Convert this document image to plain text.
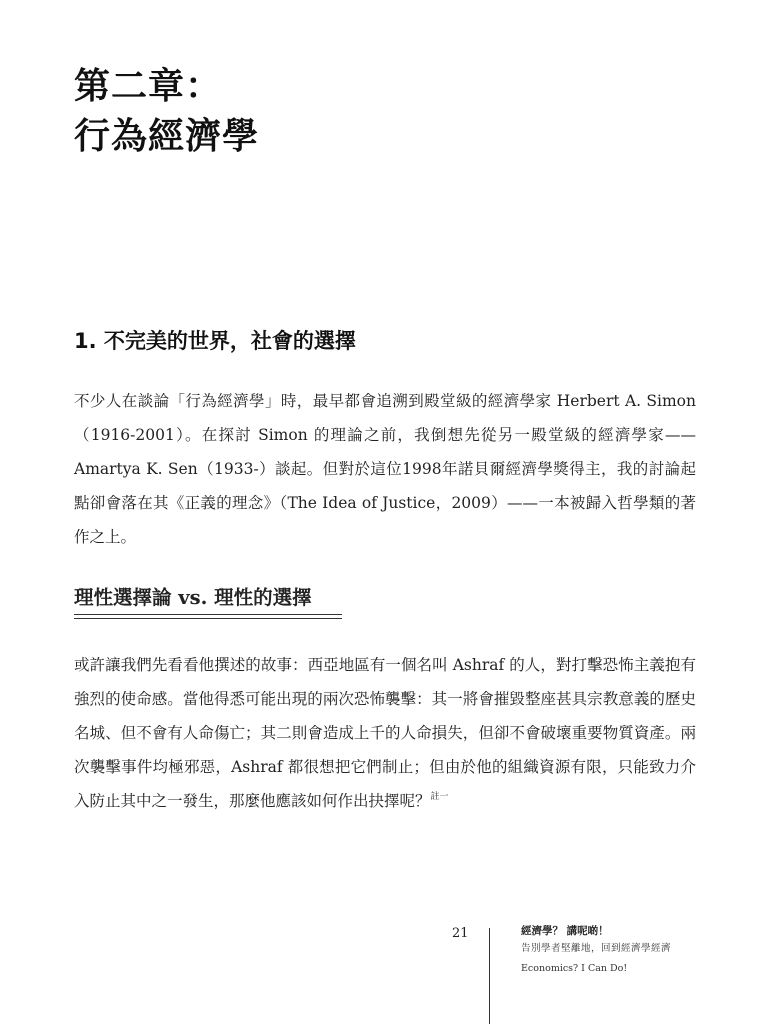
第二章：
行為經濟學
1. 不完美的世界，社會的選擇

不少人在談論「行為經濟學」時，最早都會追溯到殿堂級的經濟學家 Herbert A. Simon（1916-2001）。在探討 Simon 的理論之前，我倒想先從另一殿堂級的經濟學家——Amartya K. Sen（1933-）談起。但對於這位1998年諾貝爾經濟學獎得主，我的討論起點卻會落在其《正義的理念》（The Idea of Justice，2009）——一本被歸入哲學類的著作之上。

理性選擇論 vs. 理性的選擇

或許讓我們先看看他撰述的故事：西亞地區有一個名叫 Ashraf 的人，對打擊恐怖主義抱有強烈的使命感。當他得悉可能出現的兩次恐怖襲擊：其一將會摧毀整座甚具宗教意義的歷史名城、但不會有人命傷亡；其二則會造成上千的人命損失，但卻不會破壞重要物質資產。兩次襲擊事件均極邪惡，Ashraf 都很想把它們制止；但由於他的組織資源有限，只能致力介入防止其中之一發生，那麼他應該如何作出抉擇呢？$^{註一}$

21	經濟學？ 講呢啲！
告別學者堅離地，回到經濟學經濟
Economics? I Can Do!
